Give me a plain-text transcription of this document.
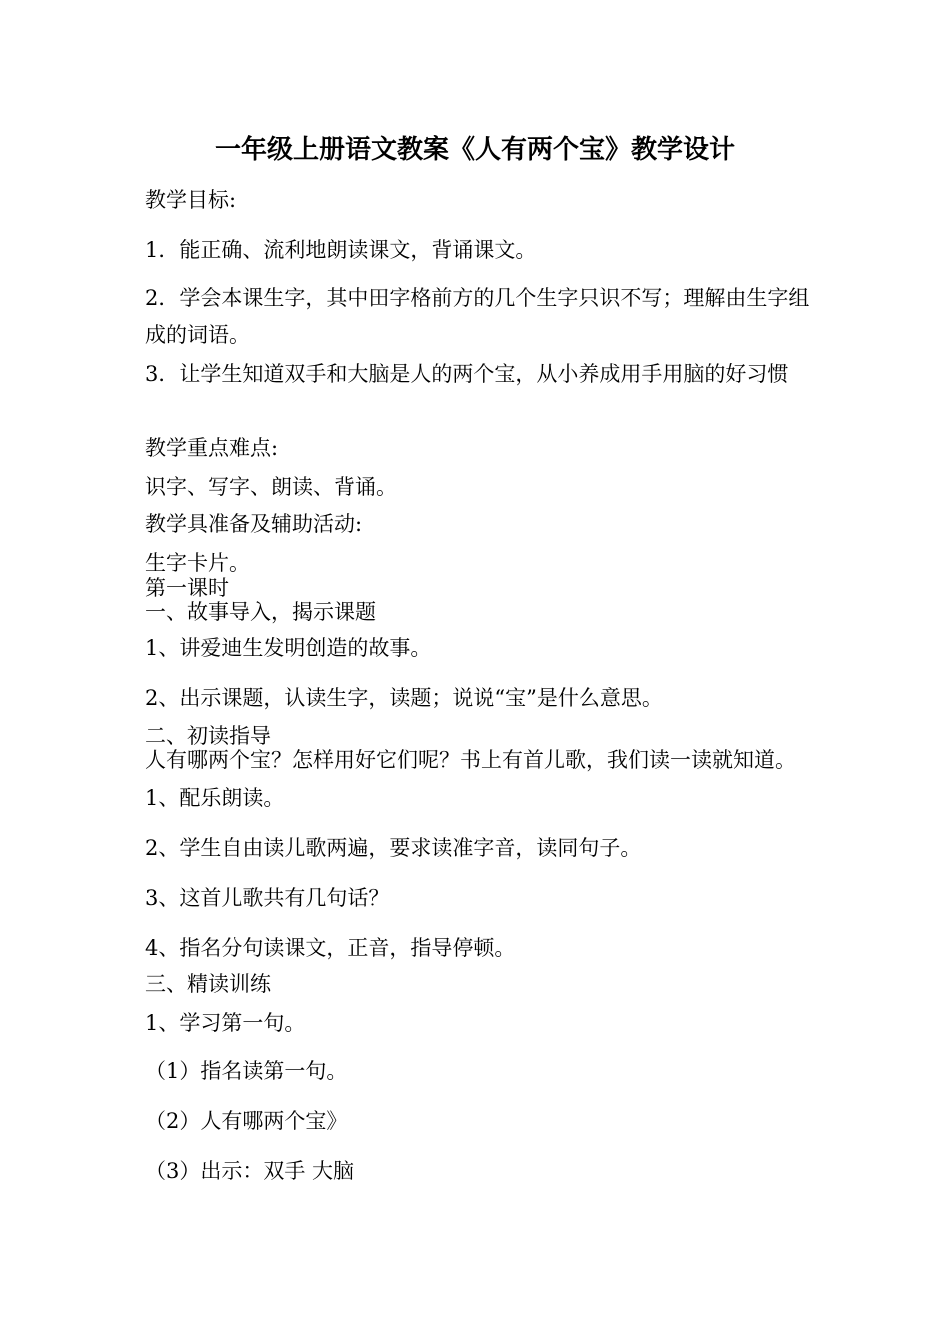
一年级上册语文教案《人有两个宝》教学设计
教学目标:
1．能正确、流利地朗读课文，背诵课文。
2．学会本课生字，其中田字格前方的几个生字只识不写；理解由生字组成的词语。
3．让学生知道双手和大脑是人的两个宝，从小养成用手用脑的好习惯
教学重点难点:
识字、写字、朗读、背诵。
教学具准备及辅助活动:
生字卡片。
第一课时
一、故事导入，揭示课题
1、讲爱迪生发明创造的故事。
2、出示课题，认读生字，读题；说说“宝”是什么意思。
二、初读指导
人有哪两个宝？怎样用好它们呢？书上有首儿歌，我们读一读就知道。
1、配乐朗读。
2、学生自由读儿歌两遍，要求读准字音，读同句子。
3、这首儿歌共有几句话？
4、指名分句读课文，正音，指导停顿。
三、精读训练
1、学习第一句。
（1）指名读第一句。
（2）人有哪两个宝》
（3）出示：双手 大脑
